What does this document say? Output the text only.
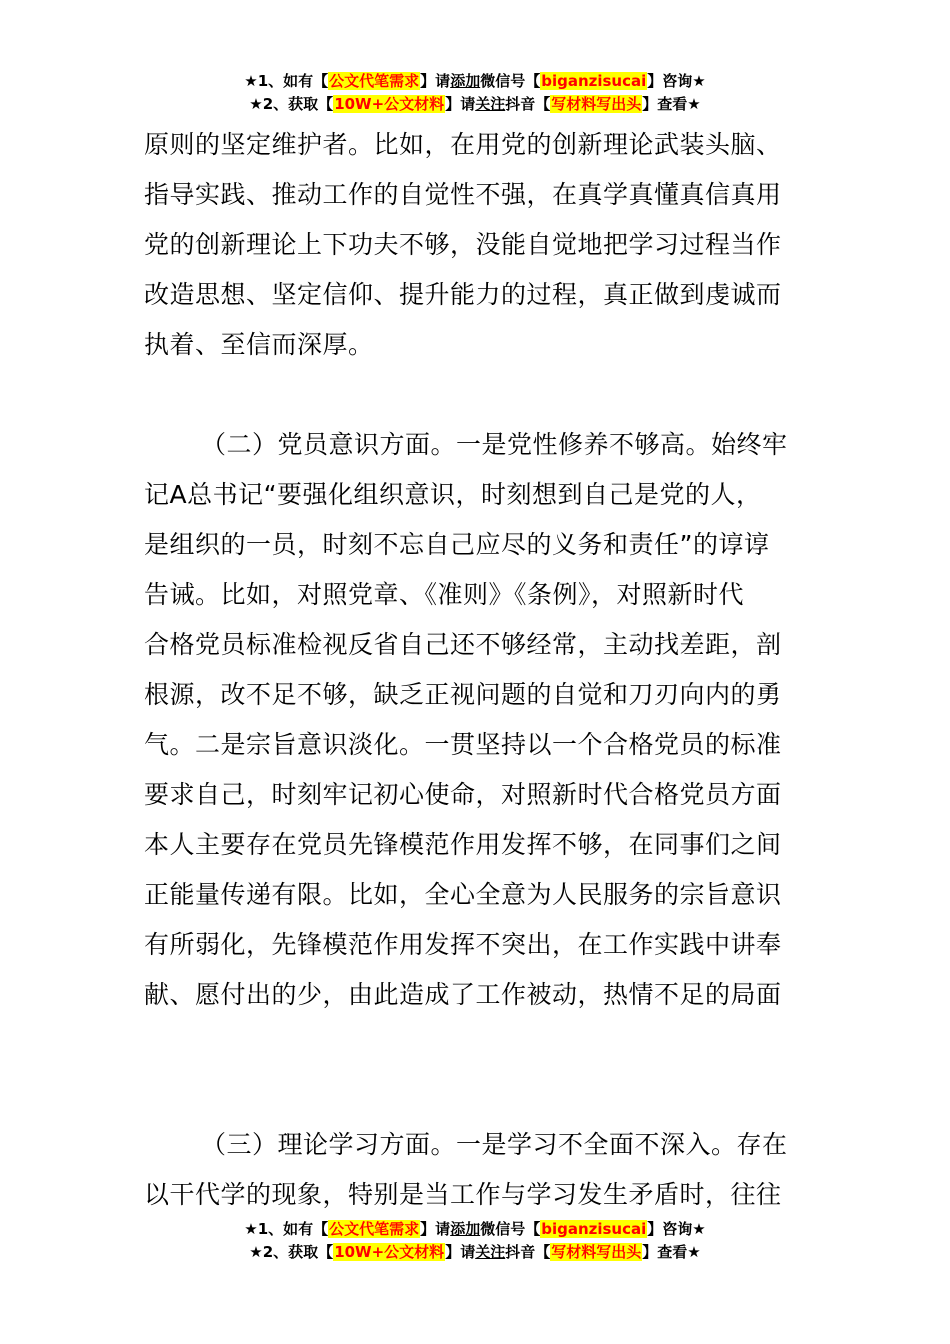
★1、如有【公文代笔需求】请添加微信号【biganzisucai】咨询★
★2、获取【10W+公文材料】请关注抖音【写材料写出头】查看★
原则的坚定维护者。比如，在用党的创新理论武装头脑、
指导实践、推动工作的自觉性不强，在真学真懂真信真用
党的创新理论上下功夫不够，没能自觉地把学习过程当作
改造思想、坚定信仰、提升能力的过程，真正做到虔诚而
执着、至信而深厚。
（二）党员意识方面。一是党性修养不够高。始终牢
记A总书记“要强化组织意识，时刻想到自己是党的人，
是组织的一员，时刻不忘自己应尽的义务和责任”的谆谆
告诫。比如，对照党章、《准则》《条例》，对照新时代
合格党员标准检视反省自己还不够经常，主动找差距，剖
根源，改不足不够，缺乏正视问题的自觉和刀刃向内的勇
气。二是宗旨意识淡化。一贯坚持以一个合格党员的标准
要求自己，时刻牢记初心使命，对照新时代合格党员方面
本人主要存在党员先锋模范作用发挥不够，在同事们之间
正能量传递有限。比如，全心全意为人民服务的宗旨意识
有所弱化，先锋模范作用发挥不突出，在工作实践中讲奉
献、愿付出的少，由此造成了工作被动，热情不足的局面
（三）理论学习方面。一是学习不全面不深入。存在
以干代学的现象，特别是当工作与学习发生矛盾时，往往
★1、如有【公文代笔需求】请添加微信号【biganzisucai】咨询★
★2、获取【10W+公文材料】请关注抖音【写材料写出头】查看★
